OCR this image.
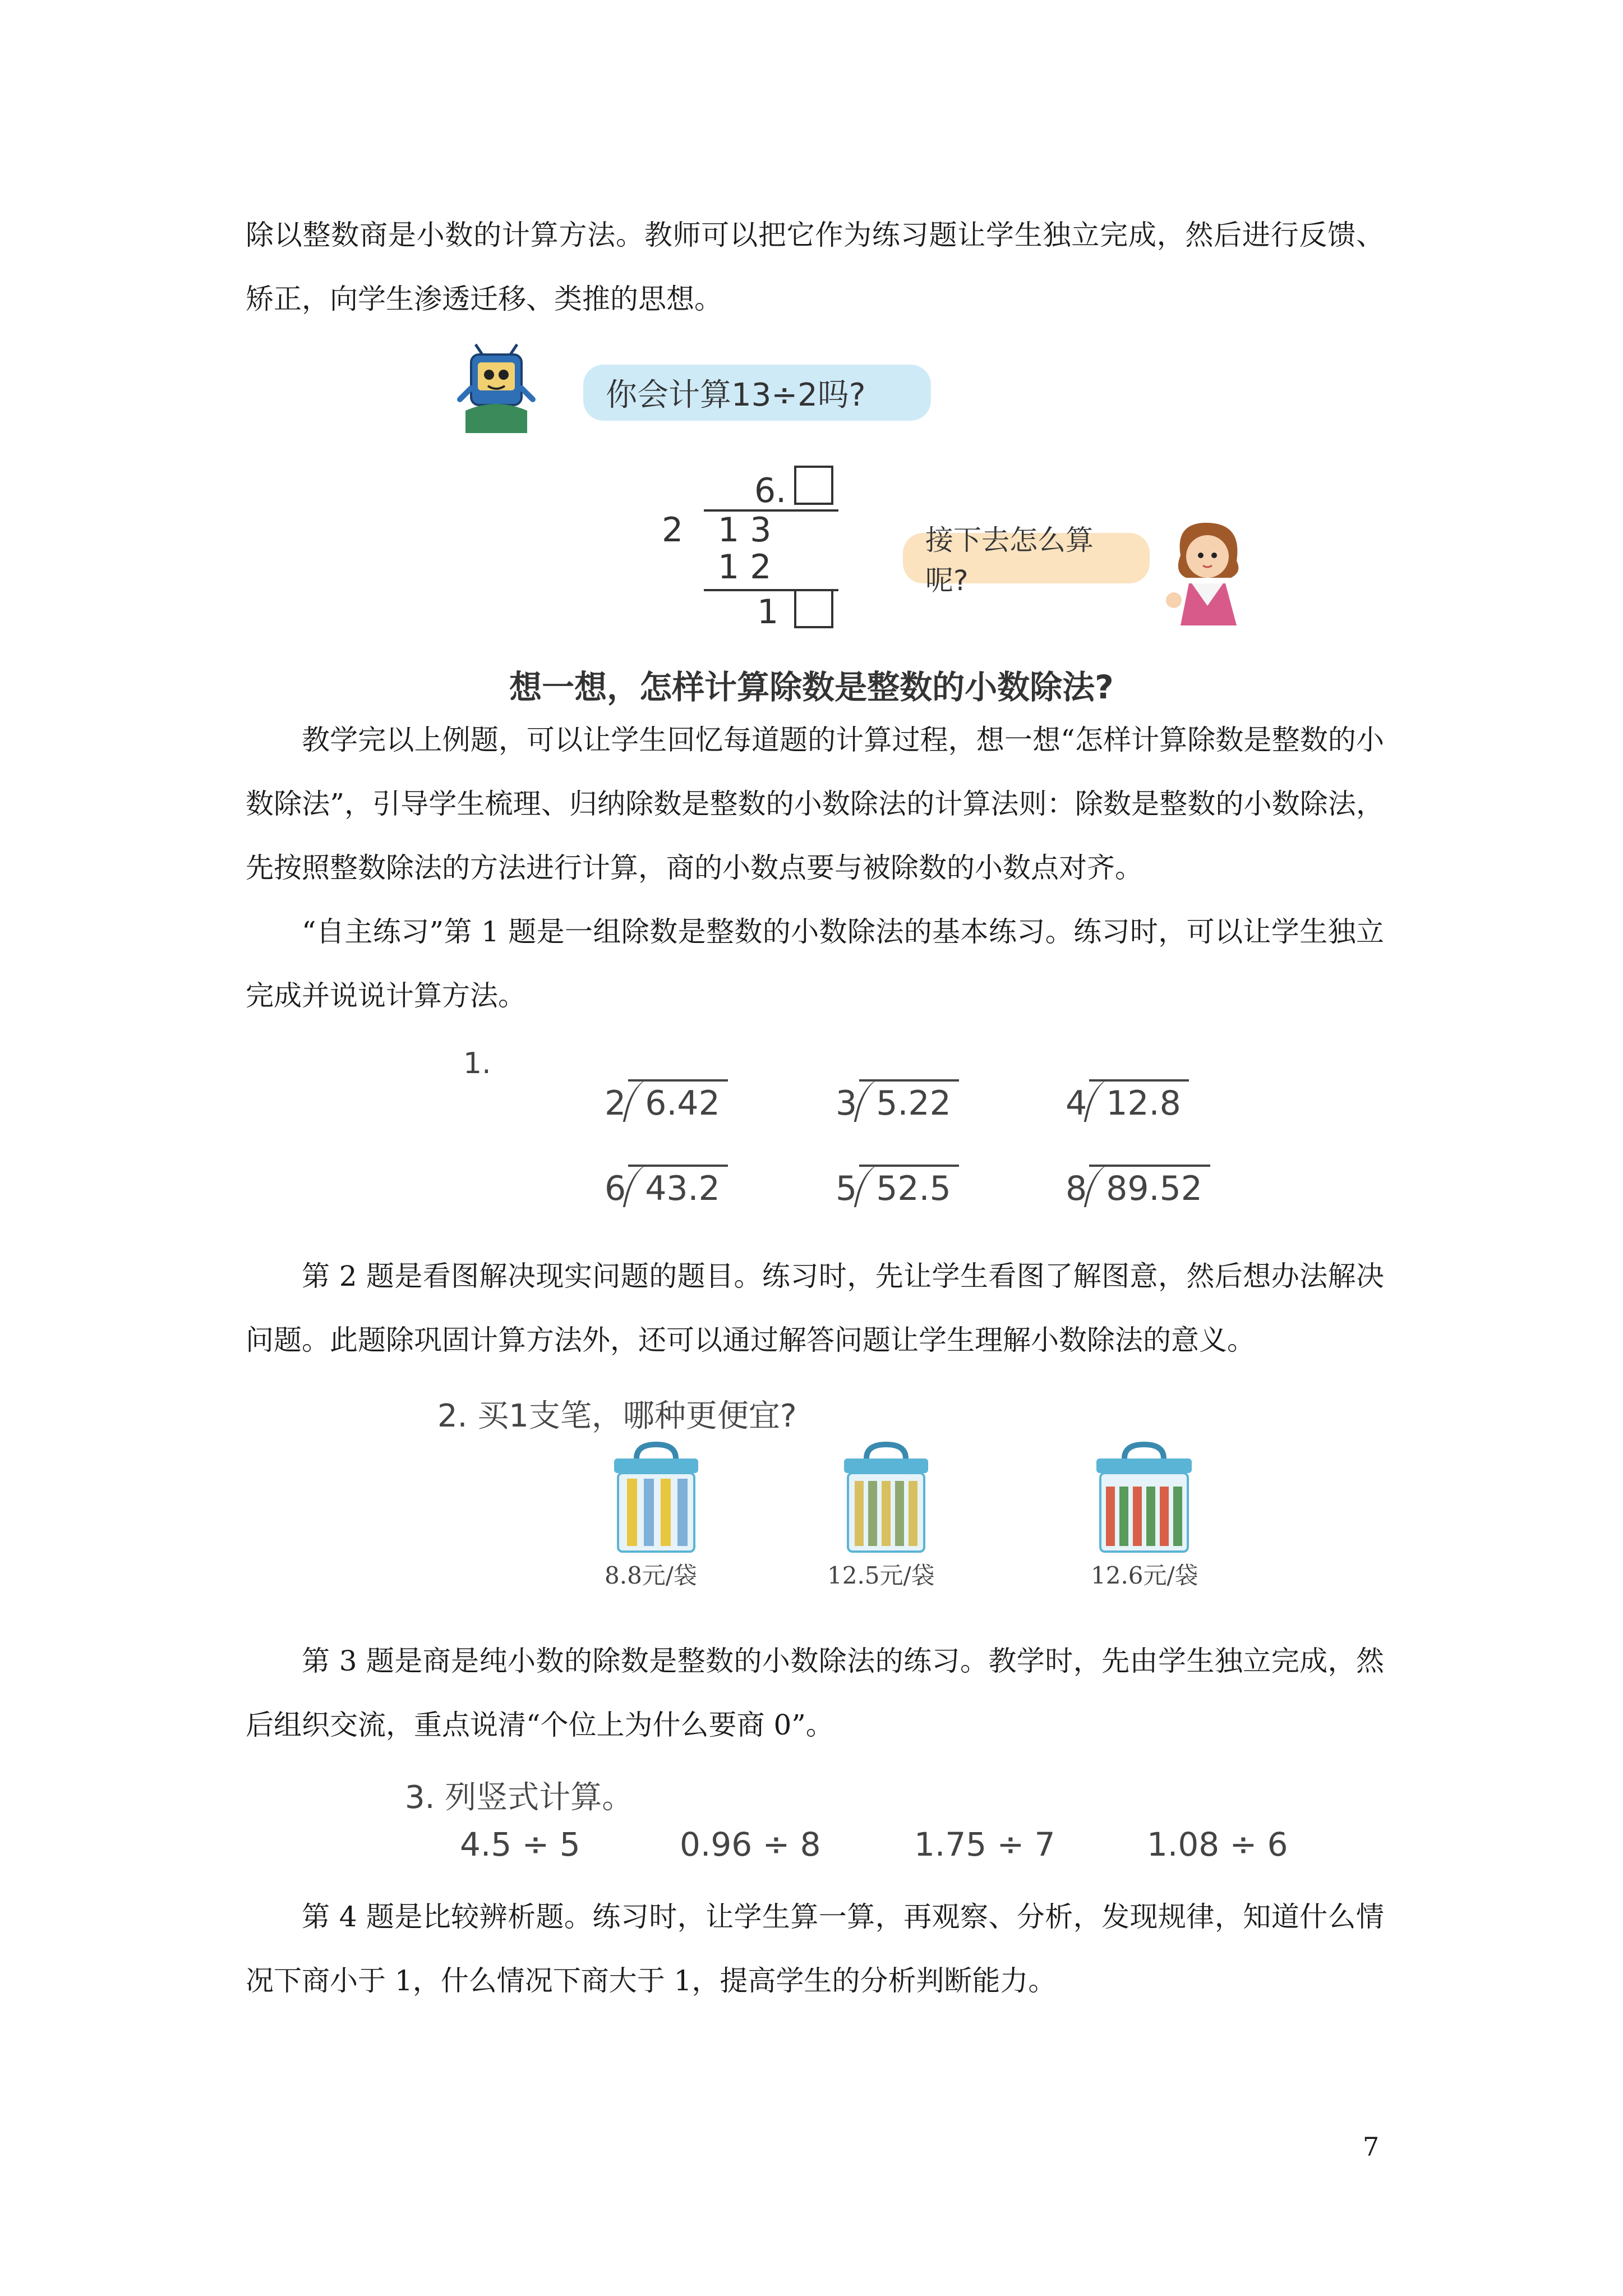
除以整数商是小数的计算方法。教师可以把它作为练习题让学生独立完成，然后进行反馈、矫正，向学生渗透迁移、类推的思想。

你会计算13÷2吗?
6.
2 1 3
1 2
1
接下去怎么算呢?
想一想，怎样计算除数是整数的小数除法?

教学完以上例题，可以让学生回忆每道题的计算过程，想一想“怎样计算除数是整数的小数除法”，引导学生梳理、归纳除数是整数的小数除法的计算法则：除数是整数的小数除法，先按照整数除法的方法进行计算，商的小数点要与被除数的小数点对齐。

“自主练习”第 1 题是一组除数是整数的小数除法的基本练习。练习时，可以让学生独立完成并说说计算方法。

1.
2 6.42	3 5.22	4 12.8
6 43.2	5 52.5	8 89.52

第 2 题是看图解决现实问题的题目。练习时，先让学生看图了解图意，然后想办法解决问题。此题除巩固计算方法外，还可以通过解答问题让学生理解小数除法的意义。

2. 买1支笔，哪种更便宜?
8.8元/袋	12.5元/袋	12.6元/袋

第 3 题是商是纯小数的除数是整数的小数除法的练习。教学时，先由学生独立完成，然后组织交流，重点说清“个位上为什么要商 0”。

3. 列竖式计算。
4.5 ÷ 5	0.96 ÷ 8	1.75 ÷ 7	1.08 ÷ 6

第 4 题是比较辨析题。练习时，让学生算一算，再观察、分析，发现规律，知道什么情况下商小于 1，什么情况下商大于 1，提高学生的分析判断能力。

7
